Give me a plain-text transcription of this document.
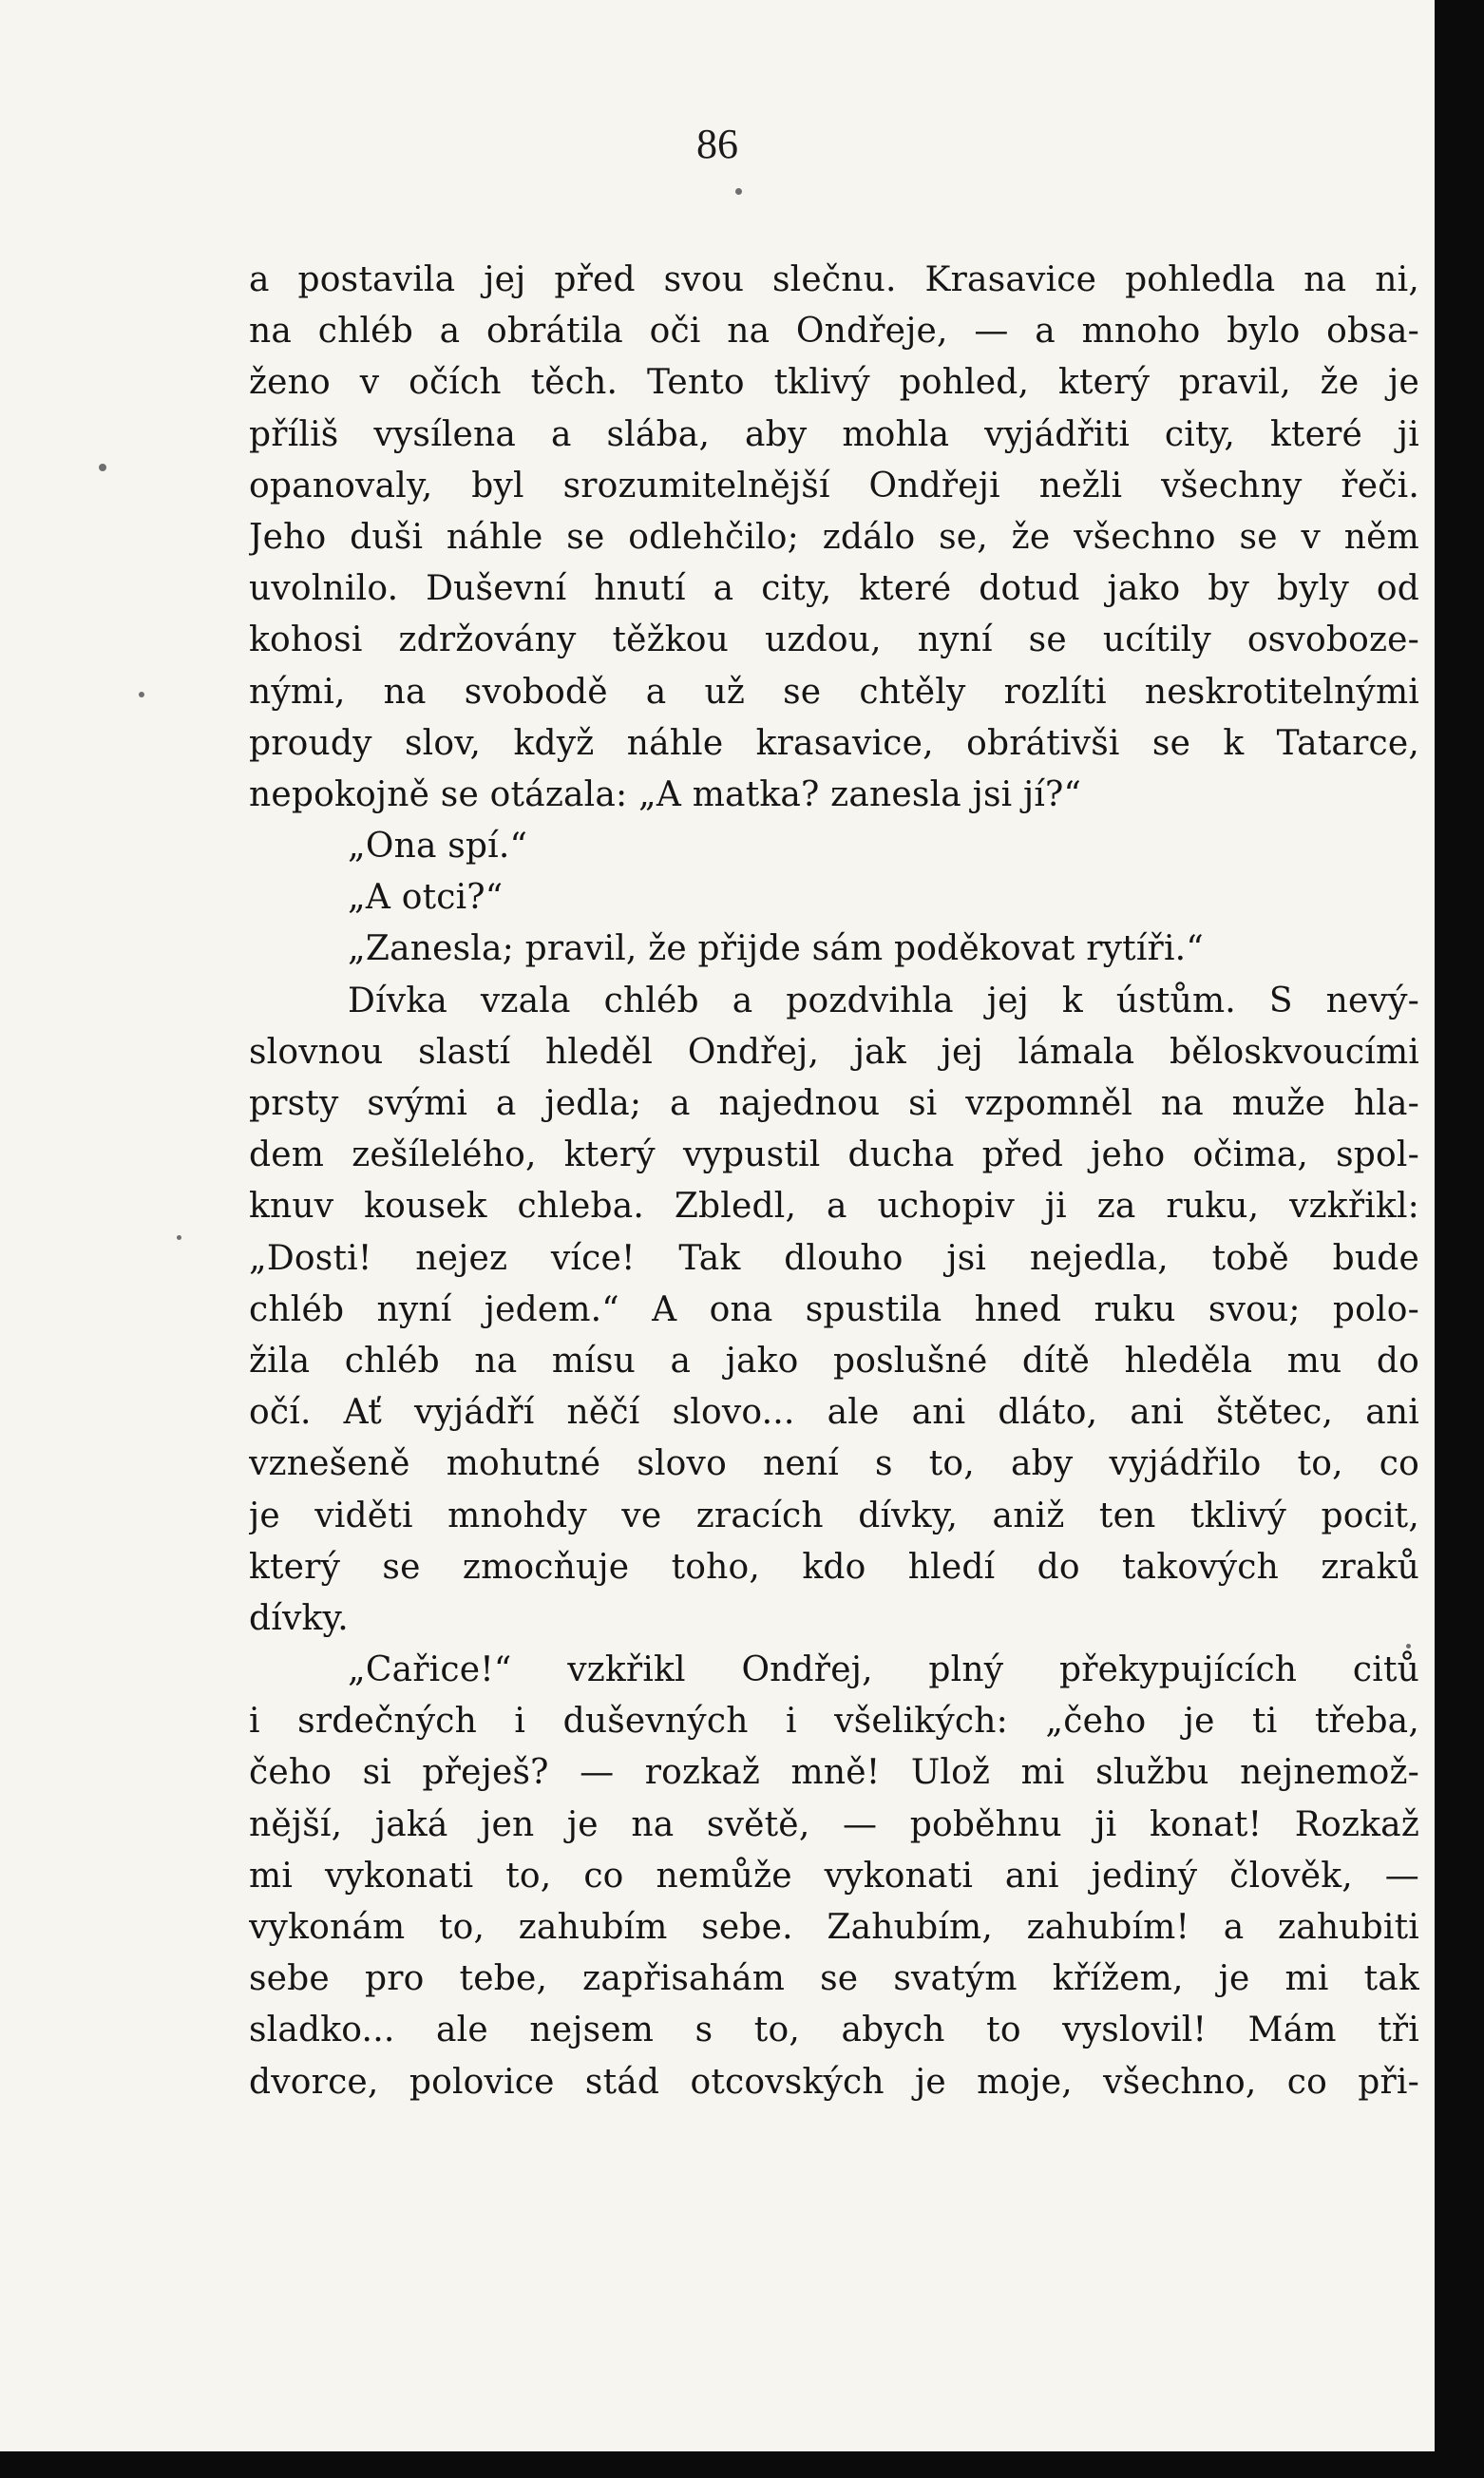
86
a postavila jej před svou slečnu. Krasavice pohledla na ni,
na chléb a obrátila oči na Ondřeje, — a mnoho bylo obsa-
ženo v očích těch. Tento tklivý pohled, který pravil, že je
příliš vysílena a slába, aby mohla vyjádřiti city, které ji
opanovaly, byl srozumitelnější Ondřeji nežli všechny řeči.
Jeho duši náhle se odlehčilo; zdálo se, že všechno se v něm
uvolnilo. Duševní hnutí a city, které dotud jako by byly od
kohosi zdržovány těžkou uzdou, nyní se ucítily osvoboze-
nými, na svobodě a už se chtěly rozlíti neskrotitelnými
proudy slov, když náhle krasavice, obrátivši se k Tatarce,
nepokojně se otázala: „A matka? zanesla jsi jí?“
„Ona spí.“
„A otci?“
„Zanesla; pravil, že přijde sám poděkovat rytíři.“
Dívka vzala chléb a pozdvihla jej k ústům. S nevý-
slovnou slastí hleděl Ondřej, jak jej lámala běloskvoucími
prsty svými a jedla; a najednou si vzpomněl na muže hla-
dem zešílelého, který vypustil ducha před jeho očima, spol-
knuv kousek chleba. Zbledl, a uchopiv ji za ruku, vzkřikl:
„Dosti! nejez více! Tak dlouho jsi nejedla, tobě bude
chléb nyní jedem.“ A ona spustila hned ruku svou; polo-
žila chléb na mísu a jako poslušné dítě hleděla mu do
očí. Ať vyjádří něčí slovo... ale ani dláto, ani štětec, ani
vznešeně mohutné slovo není s to, aby vyjádřilo to, co
je viděti mnohdy ve zracích dívky, aniž ten tklivý pocit,
který se zmocňuje toho, kdo hledí do takových zraků
dívky.
„Cařice!“ vzkřikl Ondřej, plný překypujících citů
i srdečných i duševných i všelikých: „čeho je ti třeba,
čeho si přeješ? — rozkaž mně! Ulož mi službu nejnemož-
nější, jaká jen je na světě, — poběhnu ji konat! Rozkaž
mi vykonati to, co nemůže vykonati ani jediný člověk, —
vykonám to, zahubím sebe. Zahubím, zahubím! a zahubiti
sebe pro tebe, zapřisahám se svatým křížem, je mi tak
sladko... ale nejsem s to, abych to vyslovil! Mám tři
dvorce, polovice stád otcovských je moje, všechno, co při-
